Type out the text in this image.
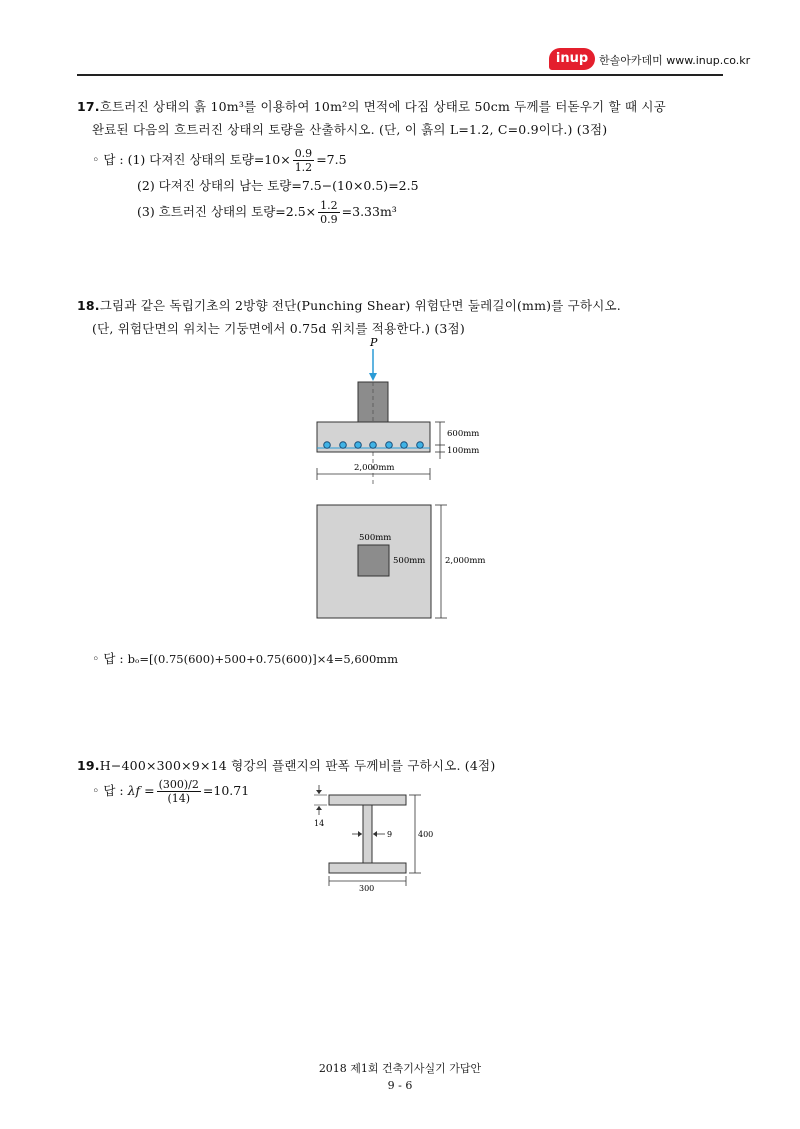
inup 한솔아카데미 www.inup.co.kr
17.흐트러진 상태의 흙 10m³를 이용하여 10m²의 면적에 다짐 상태로 50cm 두께를 터돋우기 할 때 시공
완료된 다음의 흐트러진 상태의 토량을 산출하시오. (단, 이 흙의 L=1.2, C=0.9이다.) (3점)
◦ 답 : (1) 다져진 상태의 토량$=10\times \frac{0.9}{1.2} =7.5$
(2) 다져진 상태의 남는 토량=7.5−(10×0.5)=2.5
(3) 흐트러진 상태의 토량$=2.5\times \frac{1.2}{0.9} =3.33m^3$
18.그림과 같은 독립기초의 2방향 전단(Punching Shear) 위험단면 둘레길이(mm)를 구하시오.
(단, 위험단면의 위치는 기둥면에서 0.75d 위치를 적용한다.) (3점)
P
600mm
100mm
2,000mm
500mm
500mm 2,000mm
◦ 답 : bₒ=[(0.75(600)+500+0.75(600)]×4=5,600mm
19.H−400×300×9×14 형강의 플랜지의 판폭 두께비를 구하시오. (4점)
◦ 답 : $\lambda f = \frac{(300)/2}{(14)} =10.71$
14
9	400
300
2018 제1회 건축기사실기 가답안
9 - 6
